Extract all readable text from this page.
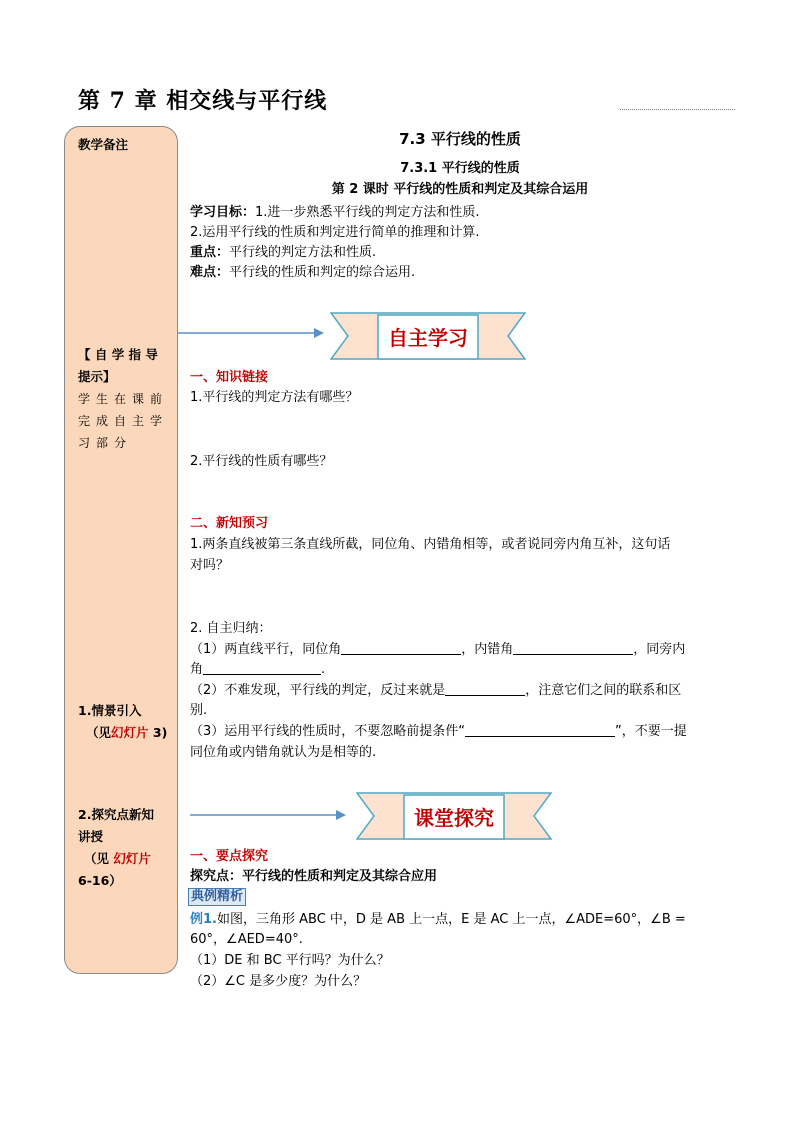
第 7 章 相交线与平行线
教学备注
【 自 学 指 导
提示】
学生在课前
完成自主学
习部分
1.情景引入
（见幻灯片 3)
2.探究点新知
讲授
（见 幻灯片
6-16）
7.3 平行线的性质
7.3.1 平行线的性质
第 2 课时 平行线的性质和判定及其综合运用
学习目标：1.进一步熟悉平行线的判定方法和性质.
2.运用平行线的性质和判定进行简单的推理和计算.
重点：平行线的判定方法和性质.
难点：平行线的性质和判定的综合运用.
自主学习
一、知识链接
1.平行线的判定方法有哪些？
2.平行线的性质有哪些？
二、新知预习
1.两条直线被第三条直线所截，同位角、内错角相等，或者说同旁内角互补，这句话
对吗？
2. 自主归纳：
（1）两直线平行，同位角	，内错角	，同旁内
角	.
（2）不难发现，平行线的判定，反过来就是	，注意它们之间的联系和区
别.
（3）运用平行线的性质时，不要忽略前提条件“	”，不要一提
同位角或内错角就认为是相等的.
课堂探究
一、要点探究
探究点：平行线的性质和判定及其综合应用
典例精析
例1.如图，三角形 ABC 中，D 是 AB 上一点，E 是 AC 上一点，∠ADE=60°，∠B =
60°，∠AED=40°.
（1）DE 和 BC 平行吗？为什么？
（2）∠C 是多少度？为什么？
